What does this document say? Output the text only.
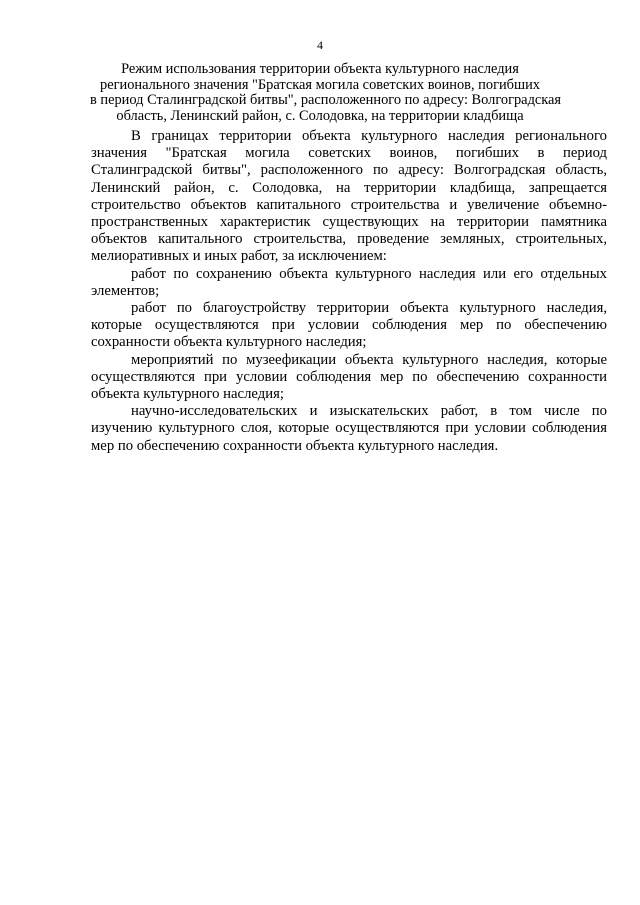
4
Режим использования территории объекта культурного наследия
регионального значения "Братская могила советских воинов, погибших
в период Сталинградской битвы", расположенного по адресу: Волгоградская
область, Ленинский район, с. Солодовка, на территории кладбища

В границах территории объекта культурного наследия регионального значения "Братская могила советских воинов, погибших в период Сталинградской битвы", расположенного по адресу: Волгоградская область, Ленинский район, с. Солодовка, на территории кладбища, запрещается строительство объектов капитального строительства и увеличение объемно-пространственных характеристик существующих на территории памятника объектов капитального строительства, проведение земляных, строительных, мелиоративных и иных работ, за исключением:

работ по сохранению объекта культурного наследия или его отдельных элементов;

работ по благоустройству территории объекта культурного наследия, которые осуществляются при условии соблюдения мер по обеспечению сохранности объекта культурного наследия;

мероприятий по музеефикации объекта культурного наследия, которые осуществляются при условии соблюдения мер по обеспечению сохранности объекта культурного наследия;

научно-исследовательских и изыскательских работ, в том числе по изучению культурного слоя, которые осуществляются при условии соблюдения мер по обеспечению сохранности объекта культурного наследия.
